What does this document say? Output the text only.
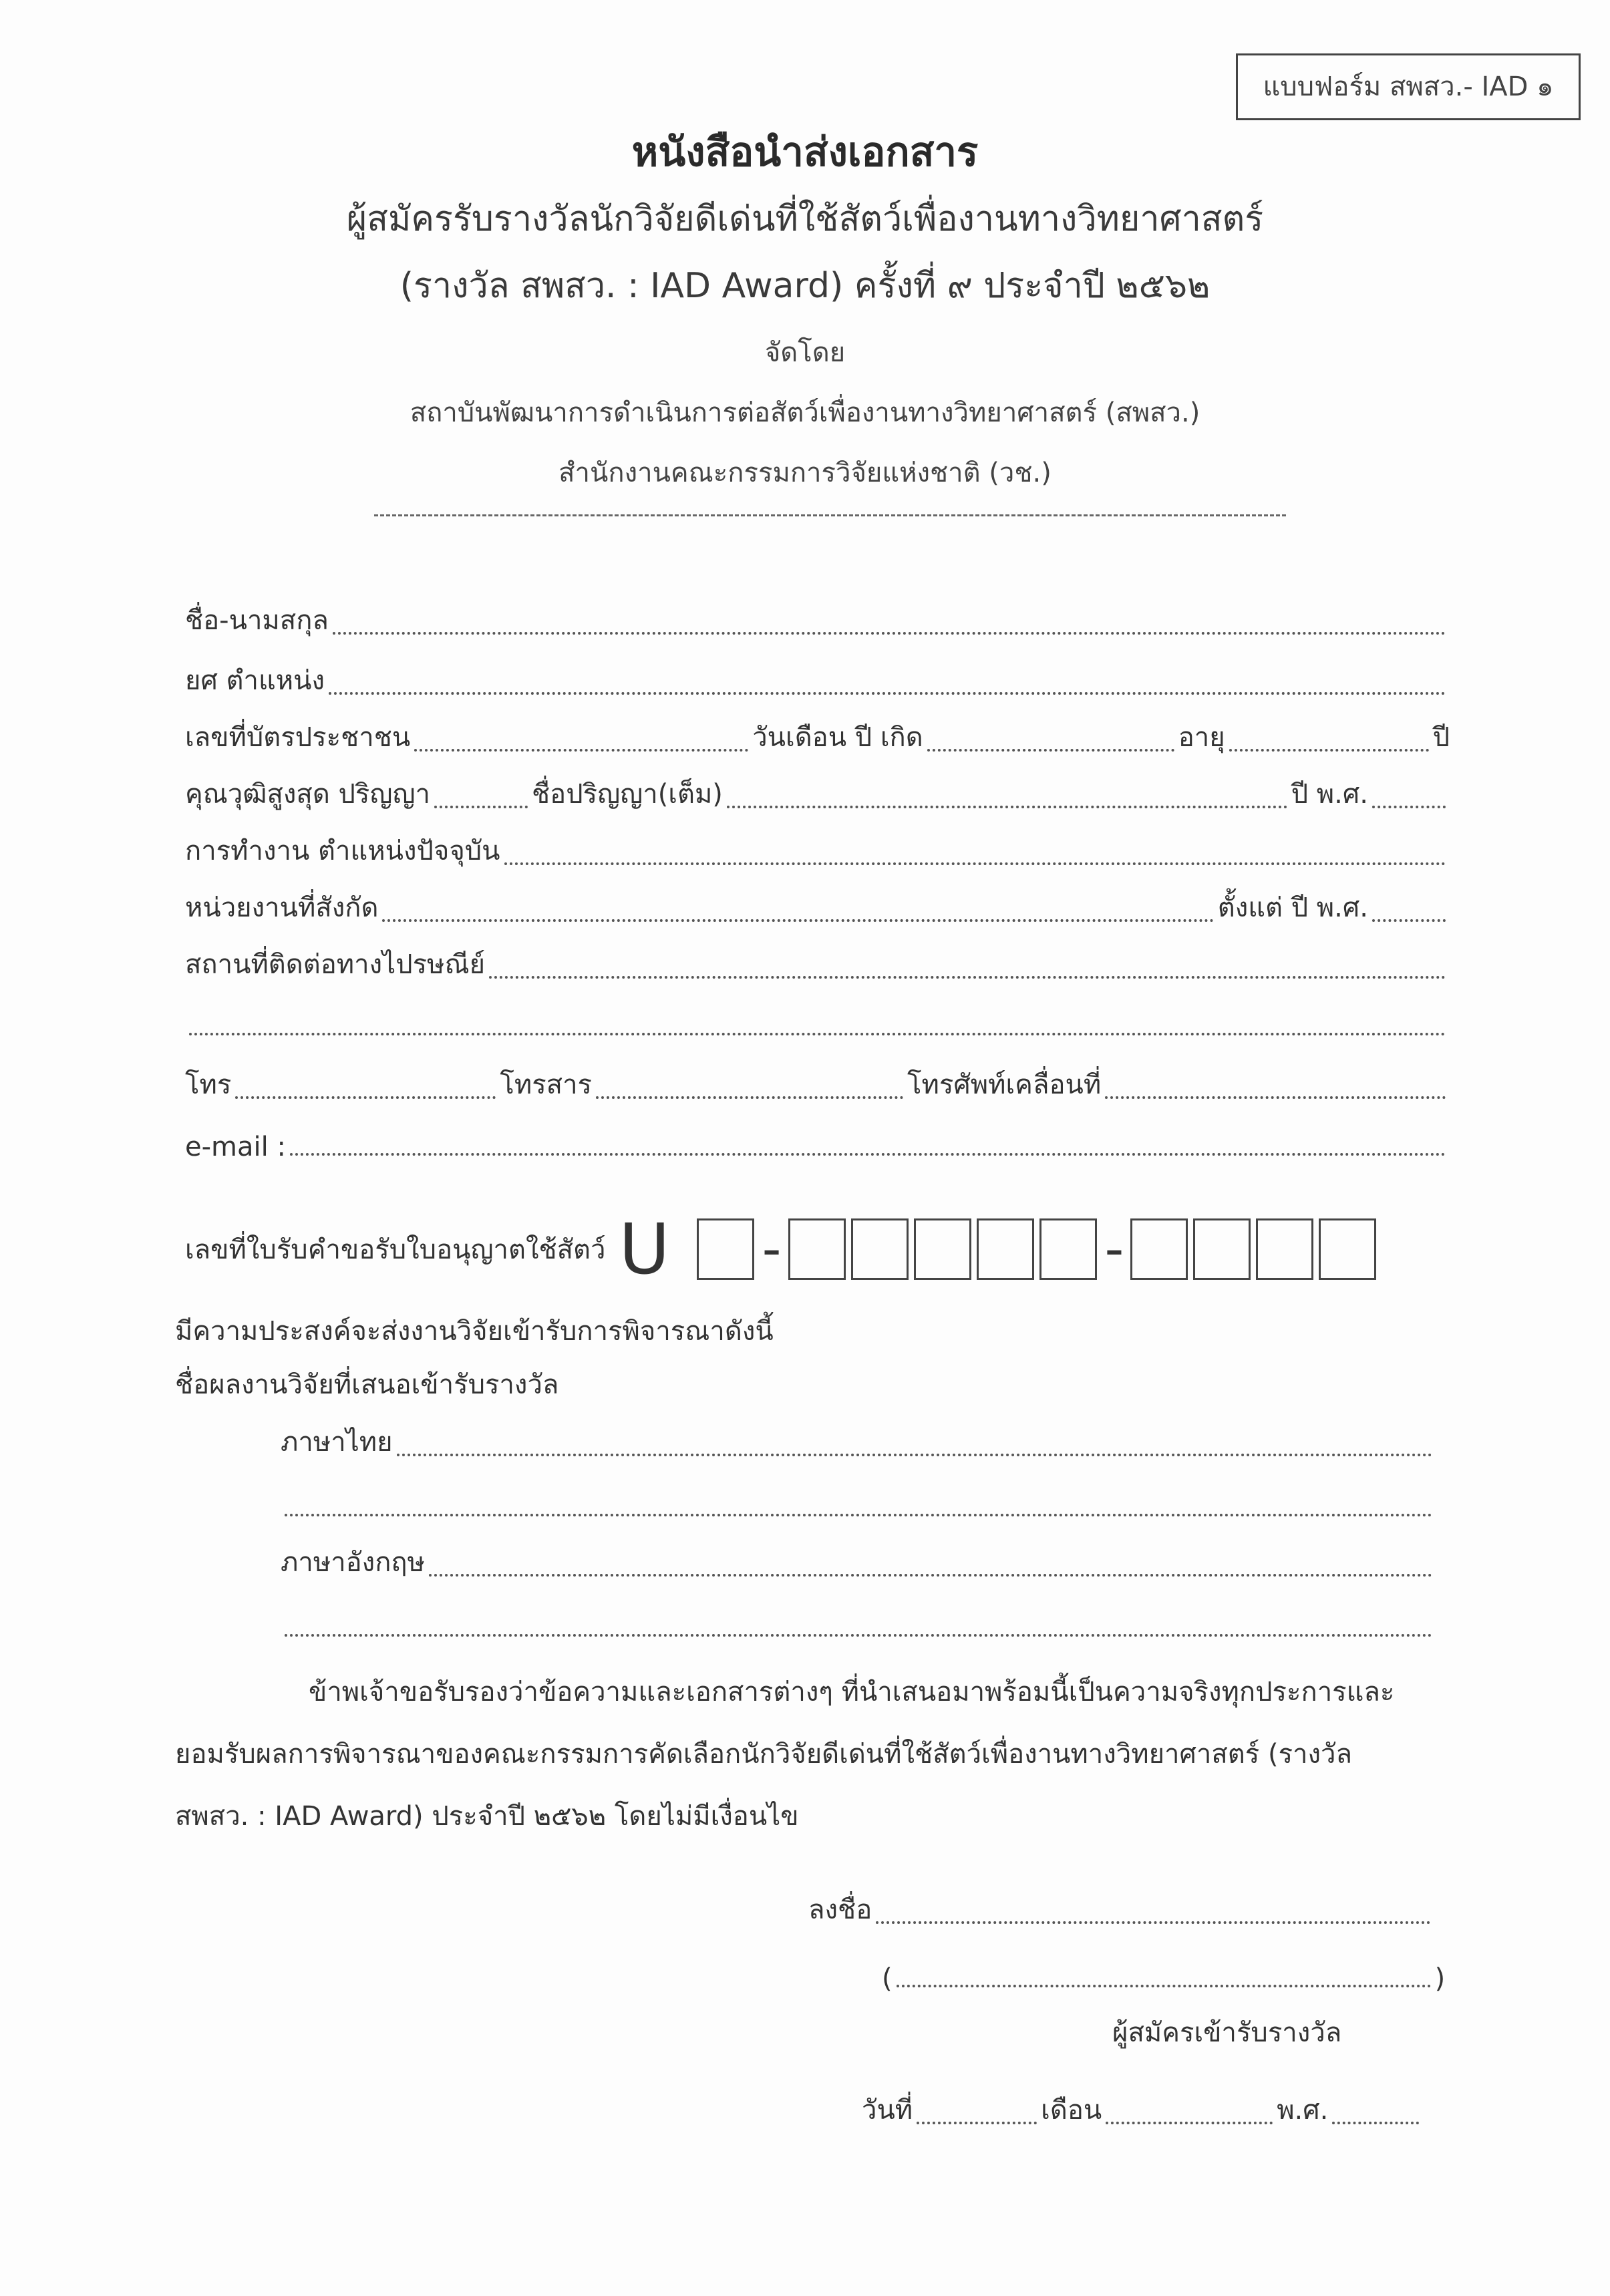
แบบฟอร์ม สพสว.- IAD ๑
หนังสือนำส่งเอกสาร
ผู้สมัครรับรางวัลนักวิจัยดีเด่นที่ใช้สัตว์เพื่องานทางวิทยาศาสตร์
(รางวัล สพสว. : IAD Award) ครั้งที่ ๙ ประจำปี ๒๕๖๒
จัดโดย
สถาบันพัฒนาการดำเนินการต่อสัตว์เพื่องานทางวิทยาศาสตร์ (สพสว.)
สำนักงานคณะกรรมการวิจัยแห่งชาติ (วช.)
ชื่อ-นามสกุล
ยศ ตำแหน่ง
เลขที่บัตรประชาชน	วันเดือน ปี เกิด	อายุ	ปี
คุณวุฒิสูงสุด ปริญญา	ชื่อปริญญา(เต็ม)	ปี พ.ศ.
การทำงาน ตำแหน่งปัจจุบัน
หน่วยงานที่สังกัด	ตั้งแต่ ปี พ.ศ.
สถานที่ติดต่อทางไปรษณีย์
โทร	โทรสาร	โทรศัพท์เคลื่อนที่
e-mail :
เลขที่ใบรับคำขอรับใบอนุญาตใช้สัตว์ U -	-
มีความประสงค์จะส่งงานวิจัยเข้ารับการพิจารณาดังนี้
ชื่อผลงานวิจัยที่เสนอเข้ารับรางวัล
ภาษาไทย
ภาษาอังกฤษ
ข้าพเจ้าขอรับรองว่าข้อความและเอกสารต่างๆ ที่นำเสนอมาพร้อมนี้เป็นความจริงทุกประการและ
ยอมรับผลการพิจารณาของคณะกรรมการคัดเลือกนักวิจัยดีเด่นที่ใช้สัตว์เพื่องานทางวิทยาศาสตร์ (รางวัล
สพสว. : IAD Award) ประจำปี ๒๕๖๒ โดยไม่มีเงื่อนไข
ลงชื่อ
(	)
ผู้สมัครเข้ารับรางวัล
วันที่	เดือน	พ.ศ.
